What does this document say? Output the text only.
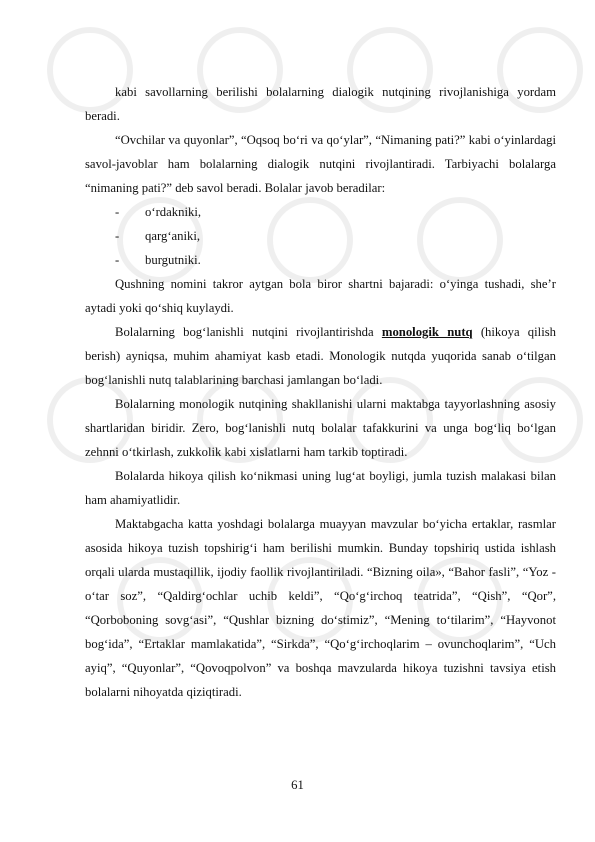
kabi savollarning berilishi bolalarning dialogik nutqining rivojlanishiga yordam beradi.

“Ovchilar va quyonlar”, “Oqsoq bo‘ri va qo‘ylar”, “Nimaning pati?” kabi o‘yinlardagi savol-javoblar ham bolalarning dialogik nutqini rivojlantiradi. Tarbiyachi bolalarga “nimaning pati?” deb savol beradi. Bolalar javob beradilar:

-	o‘rdakniki,
-	qarg‘aniki,
-	burgutniki.

Qushning nomini takror aytgan bola biror shartni bajaradi: o‘yinga tushadi, she’r aytadi yoki qo‘shiq kuylaydi.

Bolalarning bog‘lanishli nutqini rivojlantirishda monologik nutq (hikoya qilish berish) ayniqsa, muhim ahamiyat kasb etadi. Monologik nutqda yuqorida sanab o‘tilgan bog‘lanishli nutq talablarining barchasi jamlangan bo‘ladi.

Bolalarning monologik nutqining shakllanishi ularni maktabga tayyorlashning asosiy shartlaridan biridir. Zero, bog‘lanishli nutq bolalar tafakkurini va unga bog‘liq bo‘lgan zehnni o‘tkirlash, zukkolik kabi xislatlarni ham tarkib toptiradi.

Bolalarda hikoya qilish ko‘nikmasi uning lug‘at boyligi, jumla tuzish malakasi bilan ham ahamiyatlidir.

Maktabgacha katta yoshdagi bolalarga muayyan mavzular bo‘yicha ertaklar, rasmlar asosida hikoya tuzish topshirig‘i ham berilishi mumkin. Bunday topshiriq ustida ishlash orqali ularda mustaqillik, ijodiy faollik rivojlantiriladi. “Bizning oila», “Bahor fasli”, “Yoz - o‘tar soz”, “Qaldirg‘ochlar uchib keldi”, “Qo‘g‘irchoq teatrida”, “Qish”, “Qor”, “Qorboboning sovg‘asi”, “Qushlar bizning do‘stimiz”, “Mening to‘tilarim”, “Hayvonot bog‘ida”, “Ertaklar mamlakatida”, “Sirkda”, “Qo‘g‘irchoqlarim – ovunchoqlarim”, “Uch ayiq”, “Quyonlar”, “Qovoqpolvon” va boshqa mavzularda hikoya tuzishni tavsiya etish bolalarni nihoyatda qiziqtiradi.

61
